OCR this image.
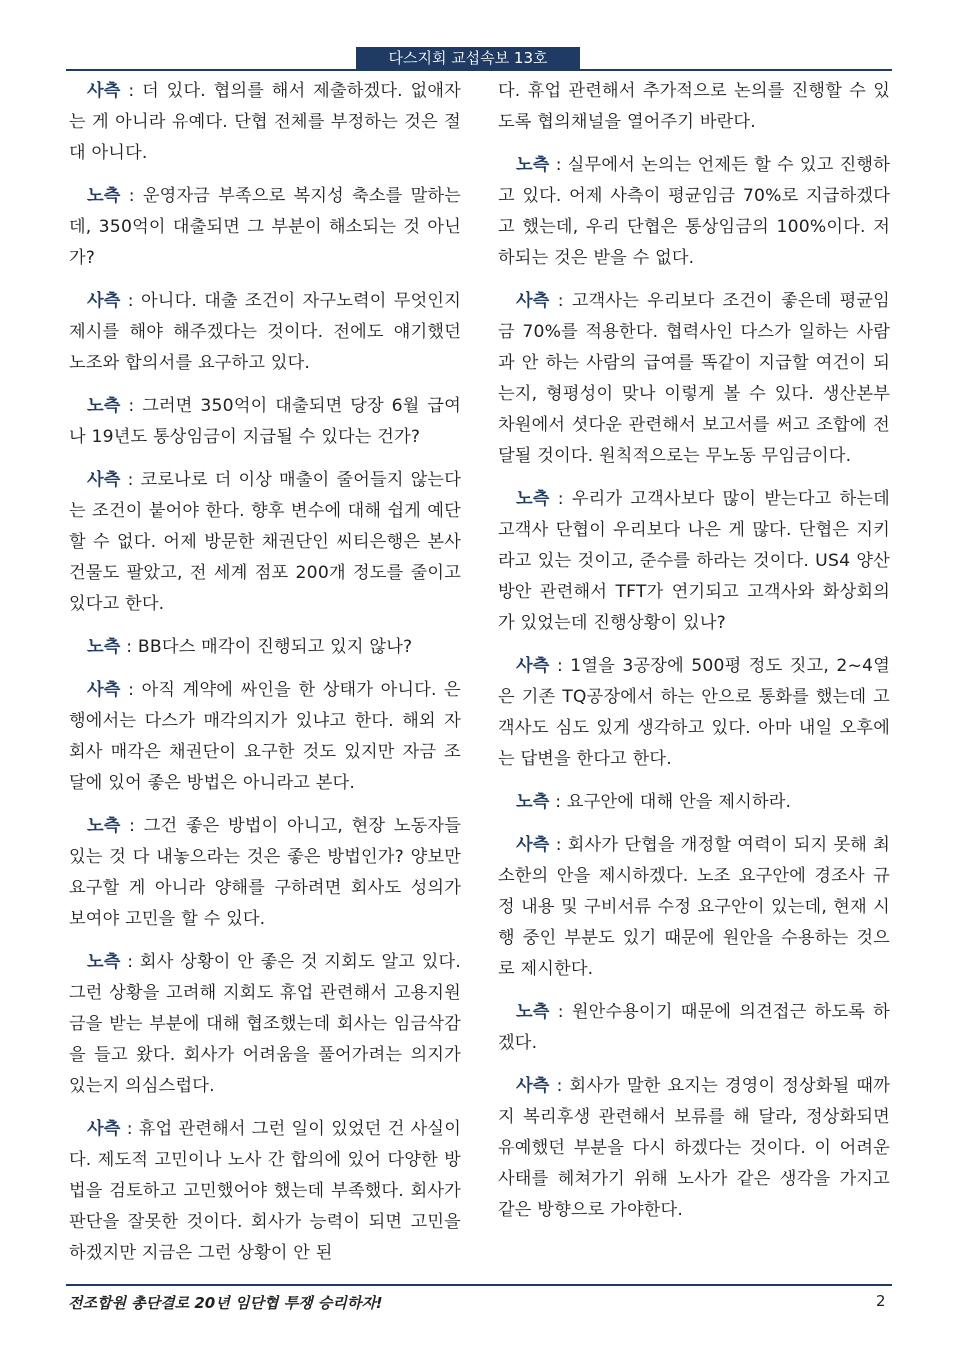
다스지회 교섭속보 13호

사측 : 더 있다. 협의를 해서 제출하겠다. 없애자는 게 아니라 유예다. 단협 전체를 부정하는 것은 절대 아니다.

노측 : 운영자금 부족으로 복지성 축소를 말하는데, 350억이 대출되면 그 부분이 해소되는 것 아닌가?

사측 : 아니다. 대출 조건이 자구노력이 무엇인지 제시를 해야 해주겠다는 것이다. 전에도 얘기했던 노조와 합의서를 요구하고 있다.

노측 : 그러면 350억이 대출되면 당장 6월 급여나 19년도 통상임금이 지급될 수 있다는 건가?

사측 : 코로나로 더 이상 매출이 줄어들지 않는다는 조건이 붙어야 한다. 향후 변수에 대해 쉽게 예단할 수 없다. 어제 방문한 채권단인 씨티은행은 본사 건물도 팔았고, 전 세계 점포 200개 정도를 줄이고 있다고 한다.

노측 : BB다스 매각이 진행되고 있지 않나?

사측 : 아직 계약에 싸인을 한 상태가 아니다. 은행에서는 다스가 매각의지가 있냐고 한다. 해외 자회사 매각은 채권단이 요구한 것도 있지만 자금 조달에 있어 좋은 방법은 아니라고 본다.

노측 : 그건 좋은 방법이 아니고, 현장 노동자들 있는 것 다 내놓으라는 것은 좋은 방법인가? 양보만 요구할 게 아니라 양해를 구하려면 회사도 성의가 보여야 고민을 할 수 있다.

노측 : 회사 상황이 안 좋은 것 지회도 알고 있다. 그런 상황을 고려해 지회도 휴업 관련해서 고용지원금을 받는 부분에 대해 협조했는데 회사는 임금삭감을 들고 왔다. 회사가 어려움을 풀어가려는 의지가 있는지 의심스럽다.

사측 : 휴업 관련해서 그런 일이 있었던 건 사실이다. 제도적 고민이나 노사 간 합의에 있어 다양한 방법을 검토하고 고민했어야 했는데 부족했다. 회사가 판단을 잘못한 것이다. 회사가 능력이 되면 고민을 하겠지만 지금은 그런 상황이 안 된

다. 휴업 관련해서 추가적으로 논의를 진행할 수 있도록 협의채널을 열어주기 바란다.

노측 : 실무에서 논의는 언제든 할 수 있고 진행하고 있다. 어제 사측이 평균임금 70%로 지급하겠다고 했는데, 우리 단협은 통상임금의 100%이다. 저하되는 것은 받을 수 없다.

사측 : 고객사는 우리보다 조건이 좋은데 평균임금 70%를 적용한다. 협력사인 다스가 일하는 사람과 안 하는 사람의 급여를 똑같이 지급할 여건이 되는지, 형평성이 맞나 이렇게 볼 수 있다. 생산본부 차원에서 셧다운 관련해서 보고서를 써고 조합에 전달될 것이다. 원칙적으로는 무노동 무임금이다.

노측 : 우리가 고객사보다 많이 받는다고 하는데 고객사 단협이 우리보다 나은 게 많다. 단협은 지키라고 있는 것이고, 준수를 하라는 것이다. US4 양산 방안 관련해서 TFT가 연기되고 고객사와 화상회의가 있었는데 진행상황이 있나?

사측 : 1열을 3공장에 500평 정도 짓고, 2~4열은 기존 TQ공장에서 하는 안으로 통화를 했는데 고객사도 심도 있게 생각하고 있다. 아마 내일 오후에는 답변을 한다고 한다.

노측 : 요구안에 대해 안을 제시하라.

사측 : 회사가 단협을 개정할 여력이 되지 못해 최소한의 안을 제시하겠다. 노조 요구안에 경조사 규정 내용 및 구비서류 수정 요구안이 있는데, 현재 시행 중인 부분도 있기 때문에 원안을 수용하는 것으로 제시한다.

노측 : 원안수용이기 때문에 의견접근 하도록 하겠다.

사측 : 회사가 말한 요지는 경영이 정상화될 때까지 복리후생 관련해서 보류를 해 달라, 정상화되면 유예했던 부분을 다시 하겠다는 것이다. 이 어려운 사태를 헤쳐가기 위해 노사가 같은 생각을 가지고 같은 방향으로 가야한다.

전조합원 총단결로 20년 임단협 투쟁 승리하자!	2
